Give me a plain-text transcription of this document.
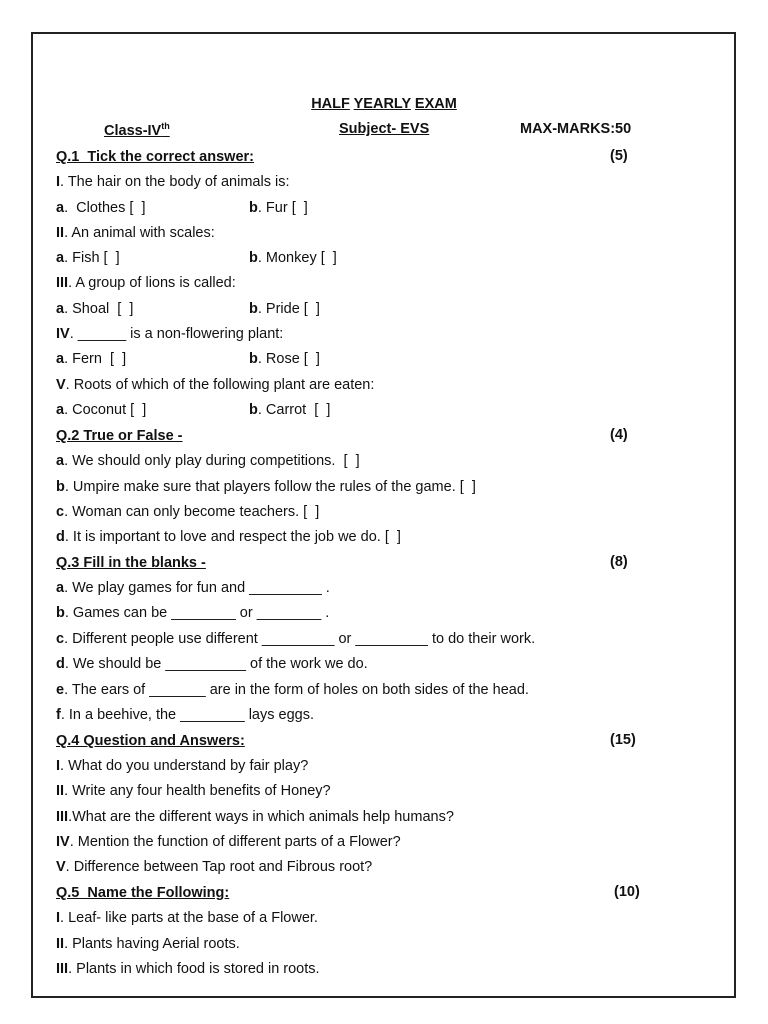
HALF YEARLY EXAM
Class-IVth	Subject- EVS	MAX-MARKS:50
Q.1  Tick the correct answer:	(5)
I. The hair on the body of animals is:
a.  Clothes [  ]	b. Fur [  ]
II. An animal with scales:
a. Fish [  ]	b. Monkey [  ]
III. A group of lions is called:
a. Shoal  [  ]	b. Pride [  ]
IV. ______ is a non-flowering plant:
a. Fern  [  ]	b. Rose [  ]
V. Roots of which of the following plant are eaten:
a. Coconut [  ]	b. Carrot  [  ]
Q.2 True or False -	(4)
a. We should only play during competitions.  [  ]
b. Umpire make sure that players follow the rules of the game. [  ]
c. Woman can only become teachers. [  ]
d. It is important to love and respect the job we do. [  ]
Q.3 Fill in the blanks -	(8)
a. We play games for fun and _________ .
b. Games can be ________ or ________ .
c. Different people use different _________ or _________ to do their work.
d. We should be __________ of the work we do.
e. The ears of _______ are in the form of holes on both sides of the head.
f. In a beehive, the ________ lays eggs.
Q.4 Question and Answers:	(15)
I. What do you understand by fair play?
II. Write any four health benefits of Honey?
III.What are the different ways in which animals help humans?
IV. Mention the function of different parts of a Flower?
V. Difference between Tap root and Fibrous root?
Q.5  Name the Following:	(10)
I. Leaf- like parts at the base of a Flower.
II. Plants having Aerial roots.
III. Plants in which food is stored in roots.
